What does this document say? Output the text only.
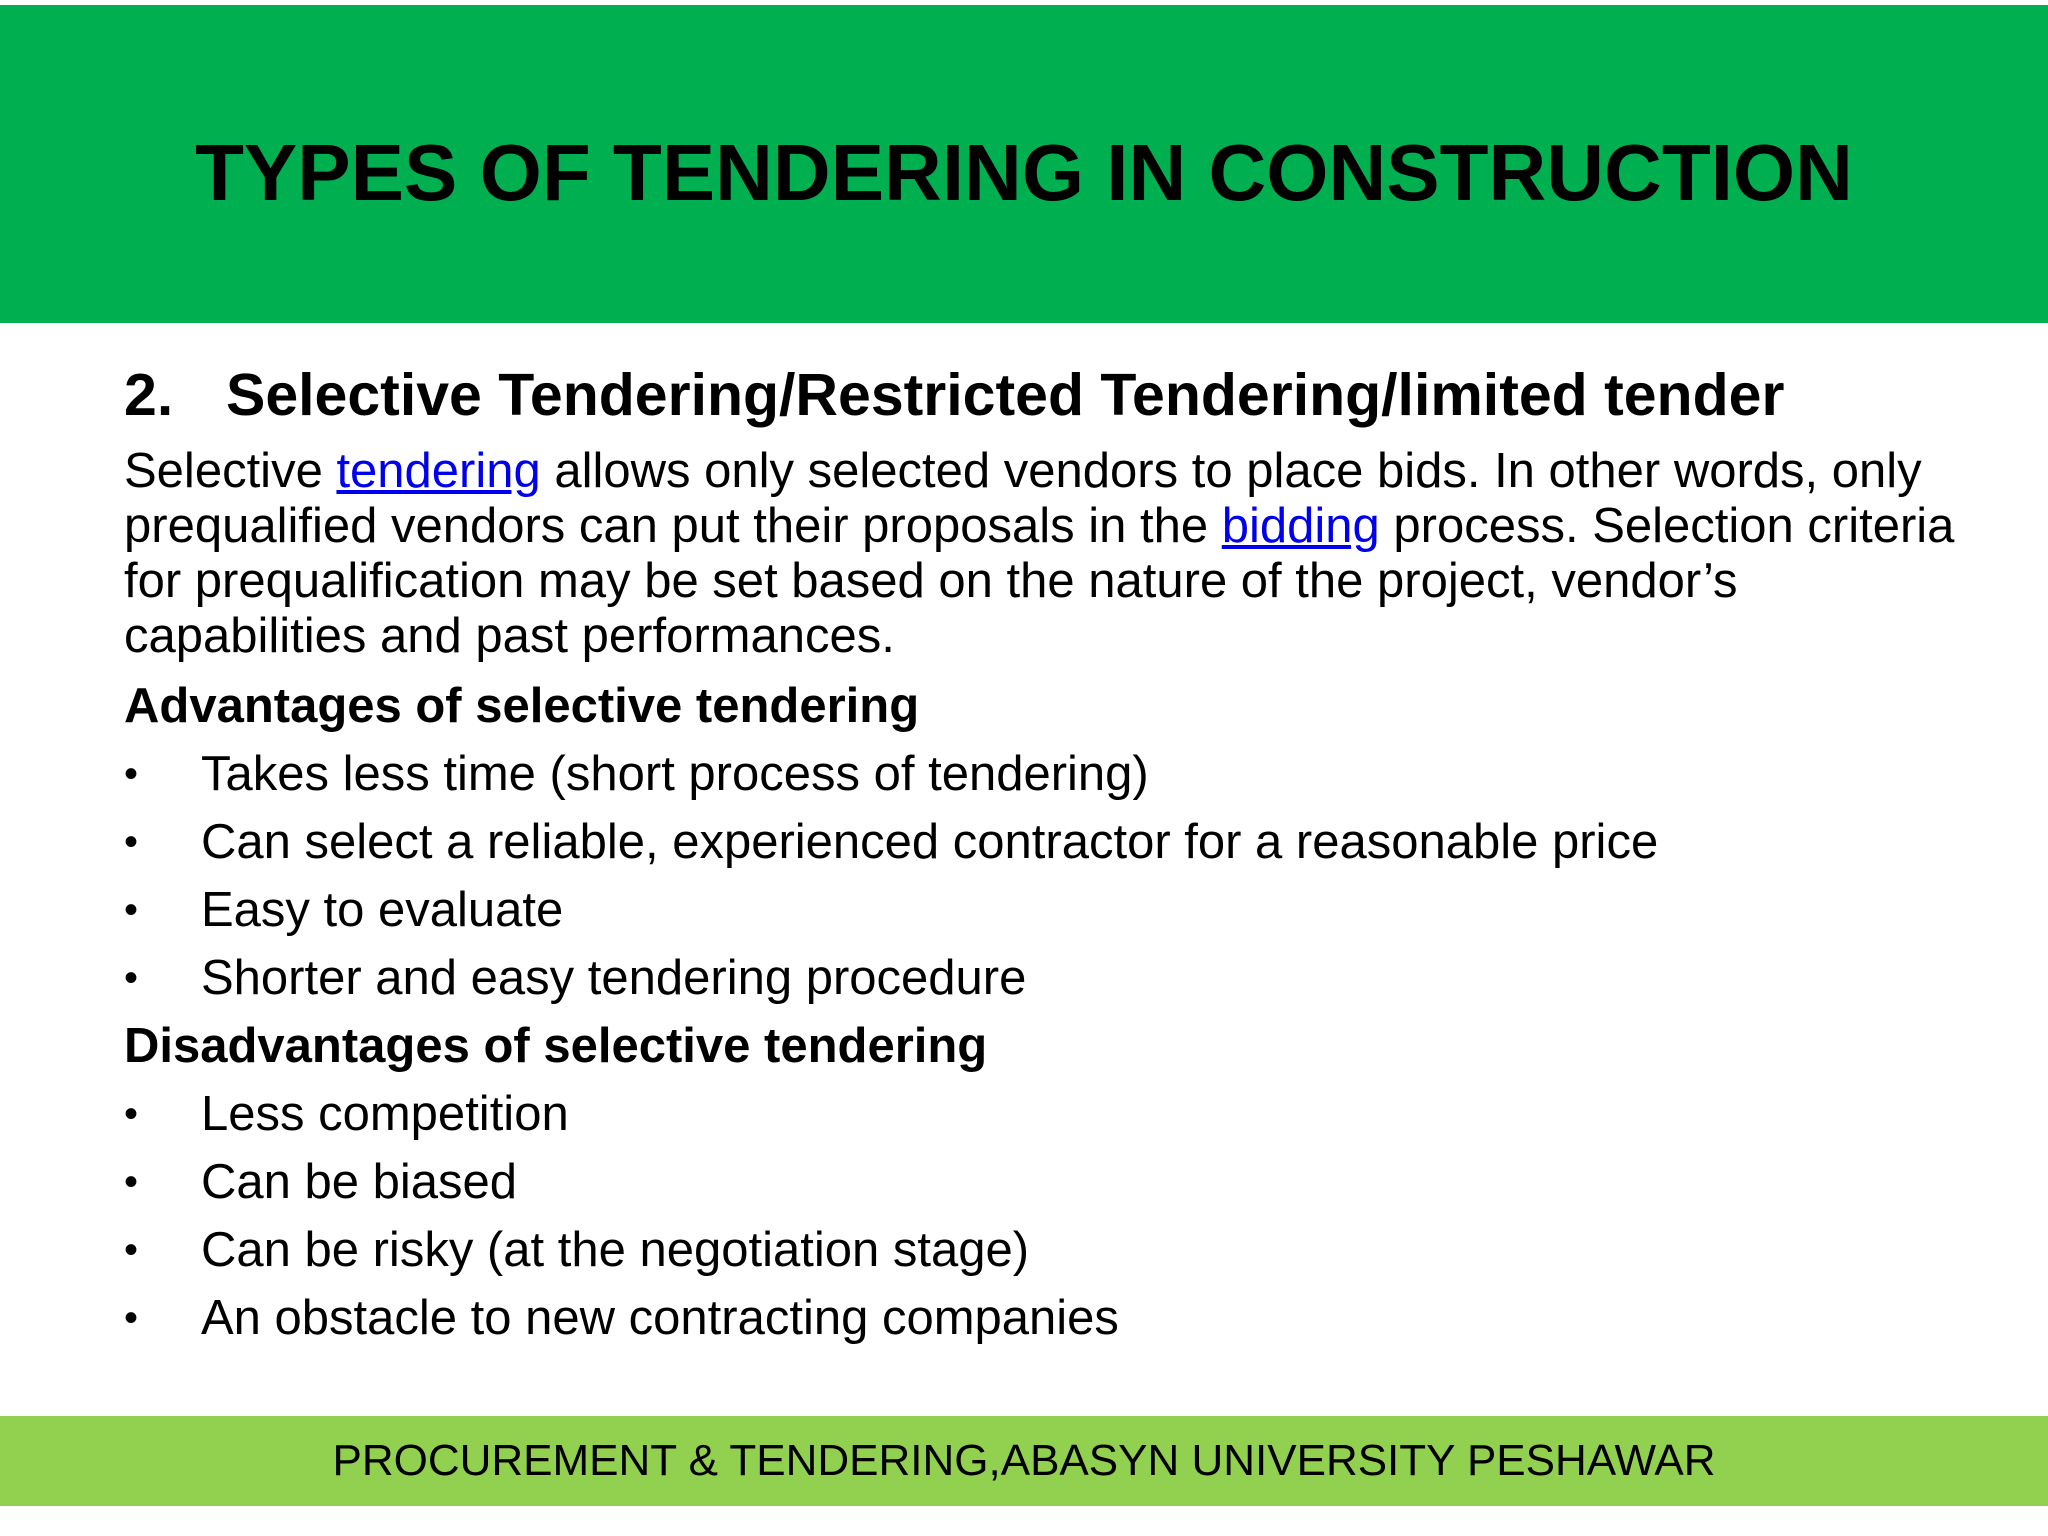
TYPES OF TENDERING IN CONSTRUCTION
2. Selective Tendering/Restricted Tendering/limited tender

Selective tendering allows only selected vendors to place bids. In other words, only prequalified vendors can put their proposals in the bidding process. Selection criteria for prequalification may be set based on the nature of the project, vendor’s capabilities and past performances.

Advantages of selective tendering
• Takes less time (short process of tendering)
• Can select a reliable, experienced contractor for a reasonable price
• Easy to evaluate
• Shorter and easy tendering procedure
Disadvantages of selective tendering
• Less competition
• Can be biased
• Can be risky (at the negotiation stage)
• An obstacle to new contracting companies
PROCUREMENT & TENDERING,ABASYN UNIVERSITY PESHAWAR
